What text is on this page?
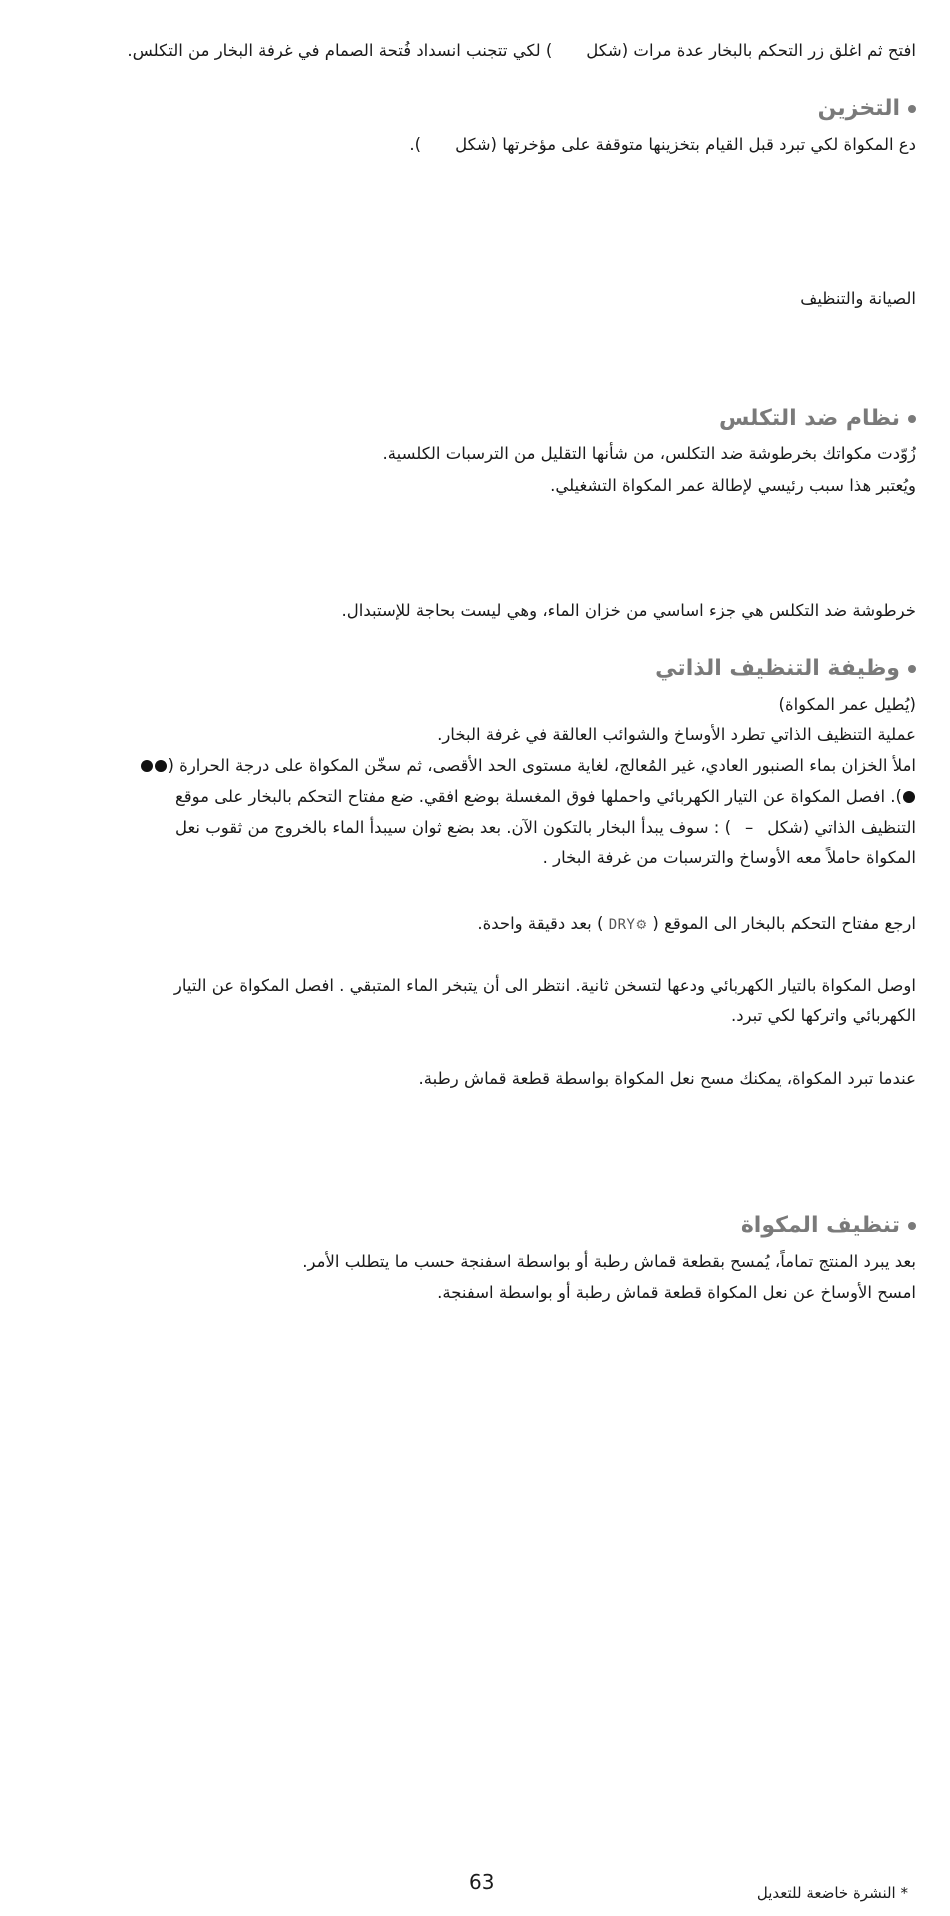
افتح ثم اغلق زر التحكم بالبخار عدة مرات (شكل) لكي تتجنب انسداد فُتحة الصمام في غرفة البخار من التكلس.

التخزين

دع المكواة لكي تبرد قبل القيام بتخزينها متوقفة على مؤخرتها (شكل).

الصيانة والتنظيف

نظام ضد التكلس

زُوّدت مكواتك بخرطوشة ضد التكلس، من شأنها التقليل من الترسبات الكلسية.

ويُعتبر هذا سبب رئيسي لإطالة عمر المكواة التشغيلي.

خرطوشة ضد التكلس هي جزء اساسي من خزان الماء، وهي ليست بحاجة للإستبدال.

وظيفة التنظيف الذاتي

(يُطيل عمر المكواة)

عملية التنظيف الذاتي تطرد الأوساخ والشوائب العالقة في غرفة البخار.

املأ الخزان بماء الصنبور العادي، غير المُعالج، لغاية مستوى الحد الأقصى، ثم سخّن المكواة على درجة الحرارة (

). افصل المكواة عن التيار الكهربائي واحملها فوق المغسلة بوضع افقي. ضع مفتاح التحكم بالبخار على موقع

التنظيف الذاتي (شكل–) : سوف يبدأ البخار بالتكون الآن. بعد بضع ثوان سيبدأ الماء بالخروج من ثقوب نعل

المكواة حاملاً معه الأوساخ والترسبات من غرفة البخار .

ارجع مفتاح التحكم بالبخار الى الموقع ( ⚙DRY ) بعد دقيقة واحدة.

اوصل المكواة بالتيار الكهربائي ودعها لتسخن ثانية. انتظر الى أن يتبخر الماء المتبقي . افصل المكواة عن التيار

الكهربائي واتركها لكي تبرد.

عندما تبرد المكواة، يمكنك مسح نعل المكواة بواسطة قطعة قماش رطبة.

تنظيف المكواة

بعد يبرد المنتج تماماً، يُمسح بقطعة قماش رطبة أو بواسطة اسفنجة حسب ما يتطلب الأمر.

امسح الأوساخ عن نعل المكواة قطعة قماش رطبة أو بواسطة اسفنجة.

63	* النشرة خاضعة للتعديل
